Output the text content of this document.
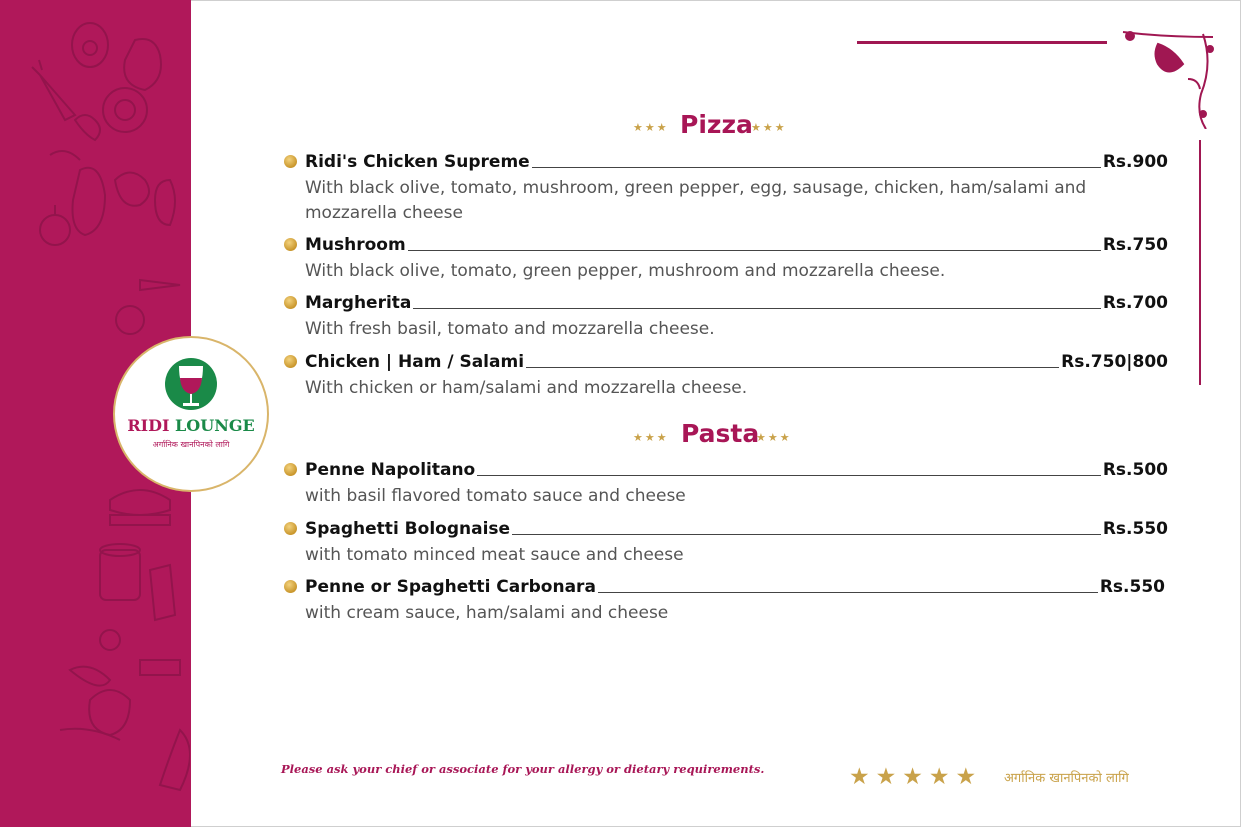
RIDI LOUNGE
अर्गानिक खानपिनको लागि
★★★ Pizza
★★★
Ridi's Chicken Supreme	Rs.900
With black olive, tomato, mushroom, green pepper, egg, sausage, chicken, ham/salami and mozzarella cheese
Mushroom	Rs.750
With black olive, tomato, green pepper, mushroom and mozzarella cheese.
Margherita	Rs.700
With fresh basil, tomato and mozzarella cheese.
Chicken | Ham / Salami	Rs.750|800
With chicken or ham/salami and mozzarella cheese.
★★★ Pasta
★★★
Penne Napolitano	Rs.500
with basil flavored tomato sauce and cheese
Spaghetti Bolognaise	Rs.550
with tomato minced meat sauce and cheese
Penne or Spaghetti Carbonara	Rs.550
with cream sauce, ham/salami and cheese
Please ask your chief or associate for your allergy or dietary requirements.	★★★★★ अर्गानिक खानपिनको लागि
